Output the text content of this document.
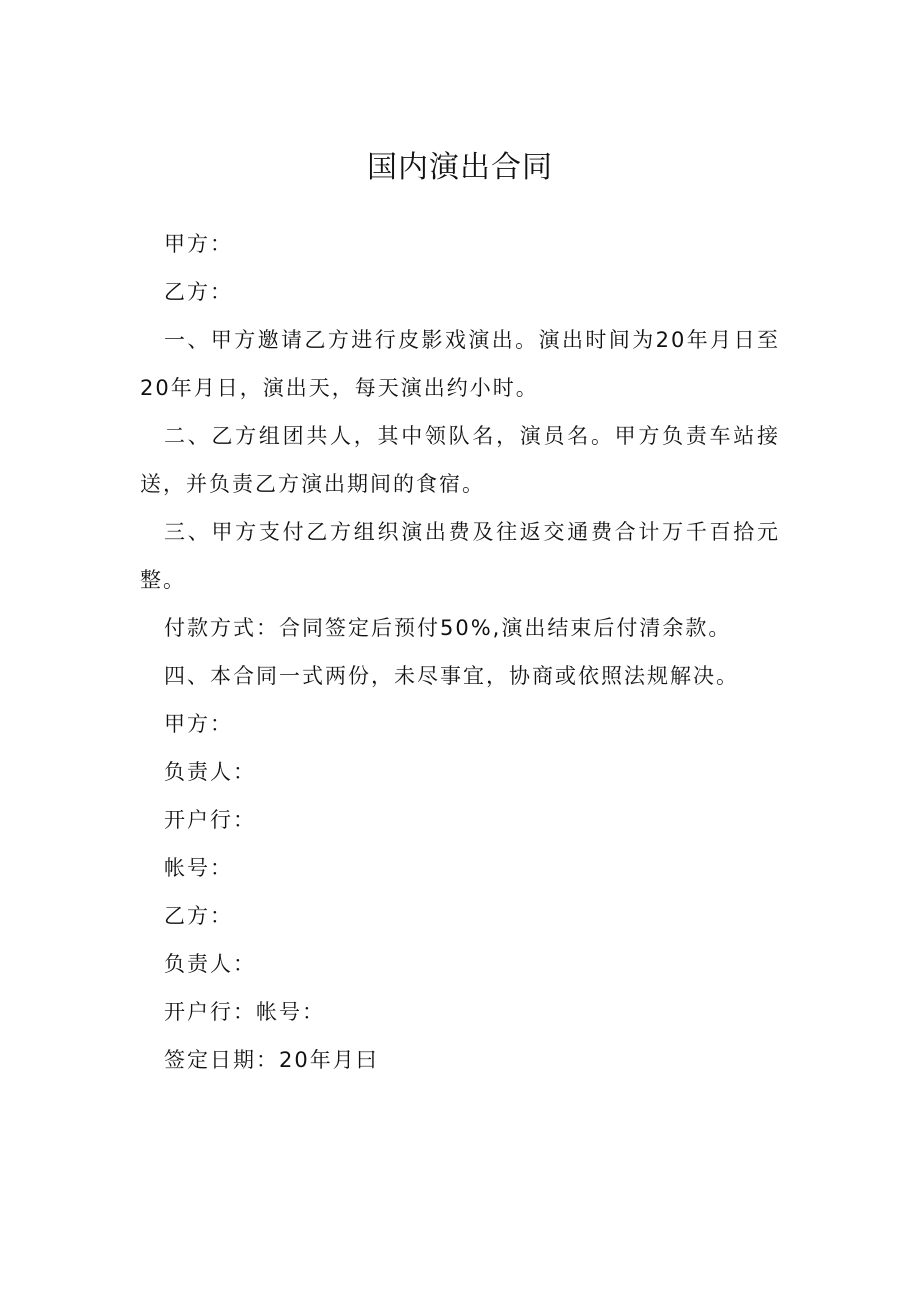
国内演出合同

甲方：

乙方：

一、甲方邀请乙方进行皮影戏演出。演出时间为20年月日至20年月日，演出天，每天演出约小时。

二、乙方组团共人，其中领队名，演员名。甲方负责车站接送，并负责乙方演出期间的食宿。

三、甲方支付乙方组织演出费及往返交通费合计万千百拾元整。

付款方式：合同签定后预付50%,演出结束后付清余款。

四、本合同一式两份，未尽事宜，协商或依照法规解决。

甲方：

负责人：

开户行：

帐号：

乙方：

负责人：

开户行：帐号：

签定日期：20年月曰
